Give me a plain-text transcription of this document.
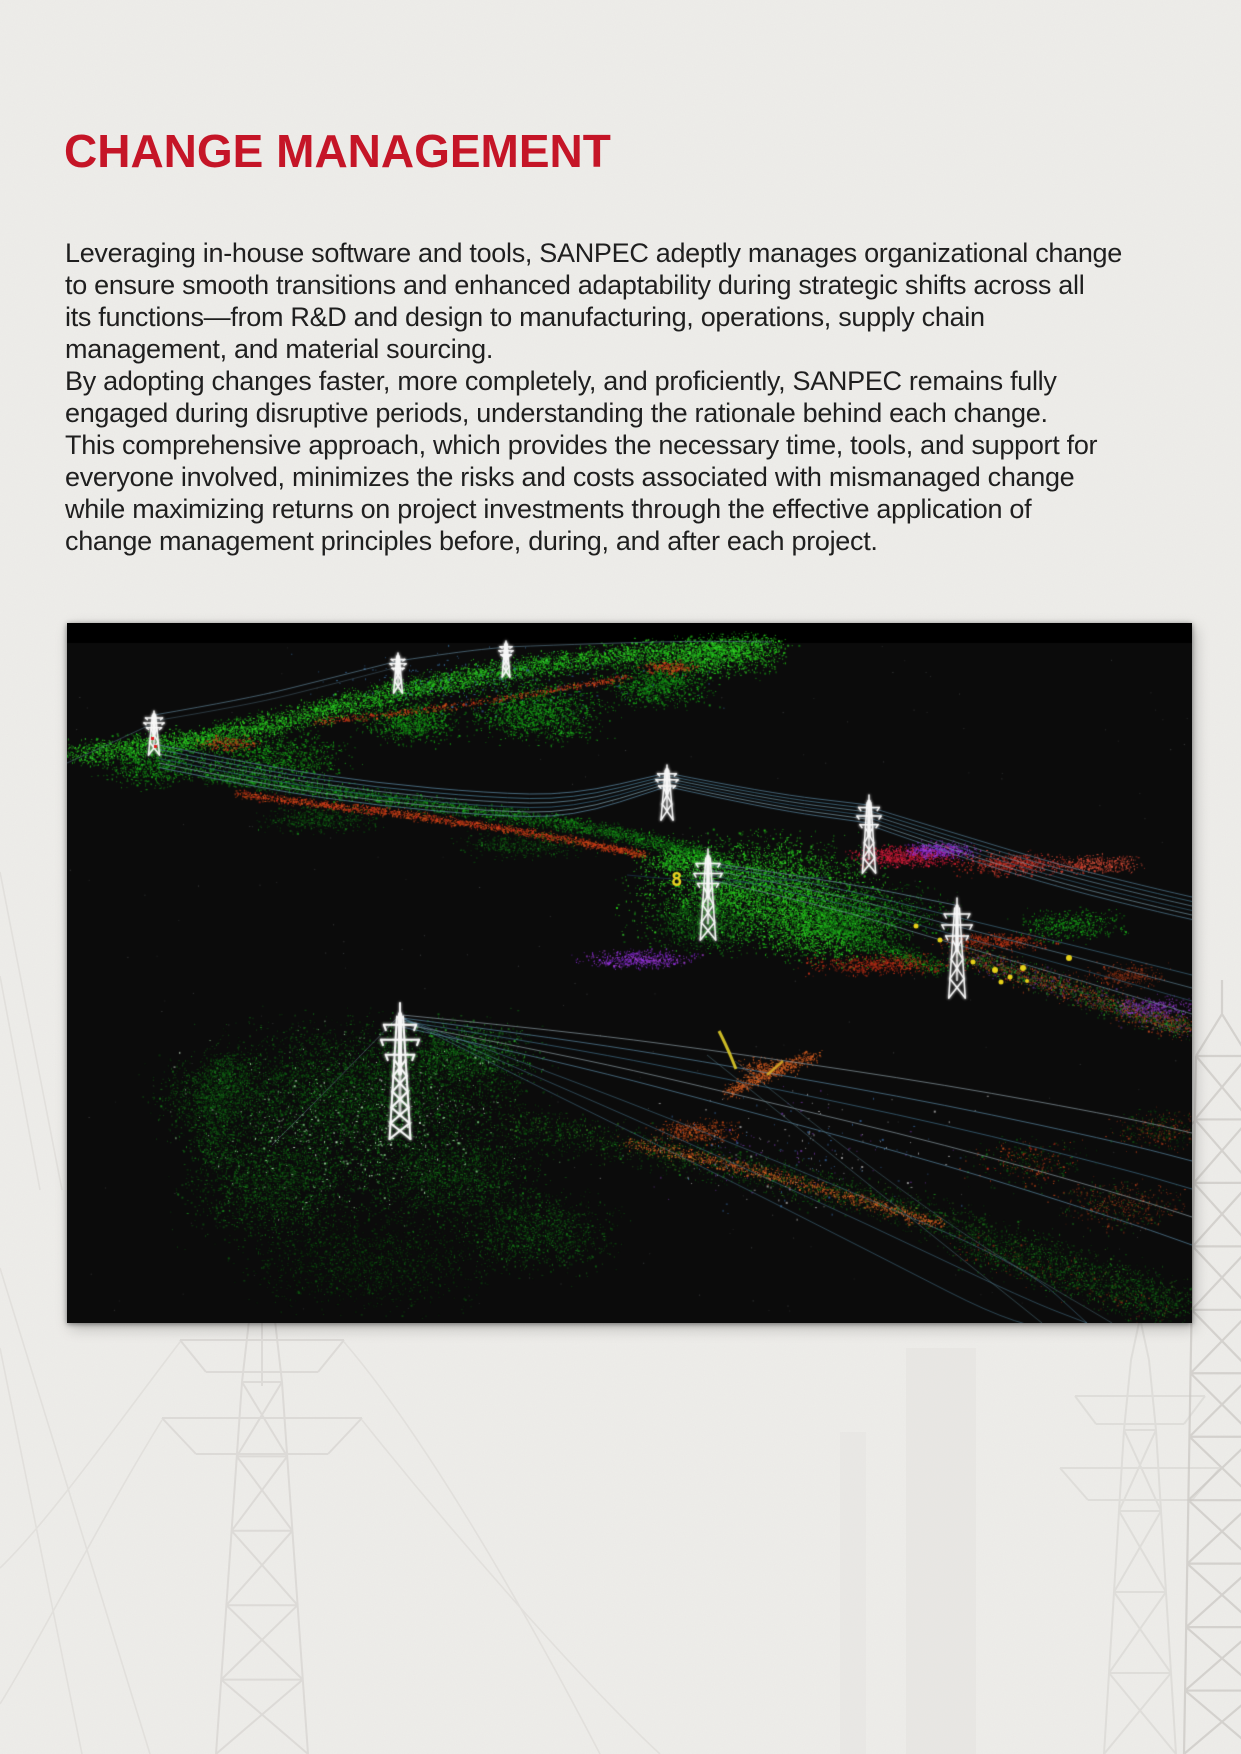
CHANGE MANAGEMENT
Leveraging in-house software and tools, SANPEC adeptly manages organizational change
to ensure smooth transitions and enhanced adaptability during strategic shifts across all
its functions—from R&D and design to manufacturing, operations, supply chain
management, and material sourcing.
By adopting changes faster, more completely, and proficiently, SANPEC remains fully
engaged during disruptive periods, understanding the rationale behind each change.
This comprehensive approach, which provides the necessary time, tools, and support for
everyone involved, minimizes the risks and costs associated with mismanaged change
while maximizing returns on project investments through the effective application of
change management principles before, during, and after each project.
